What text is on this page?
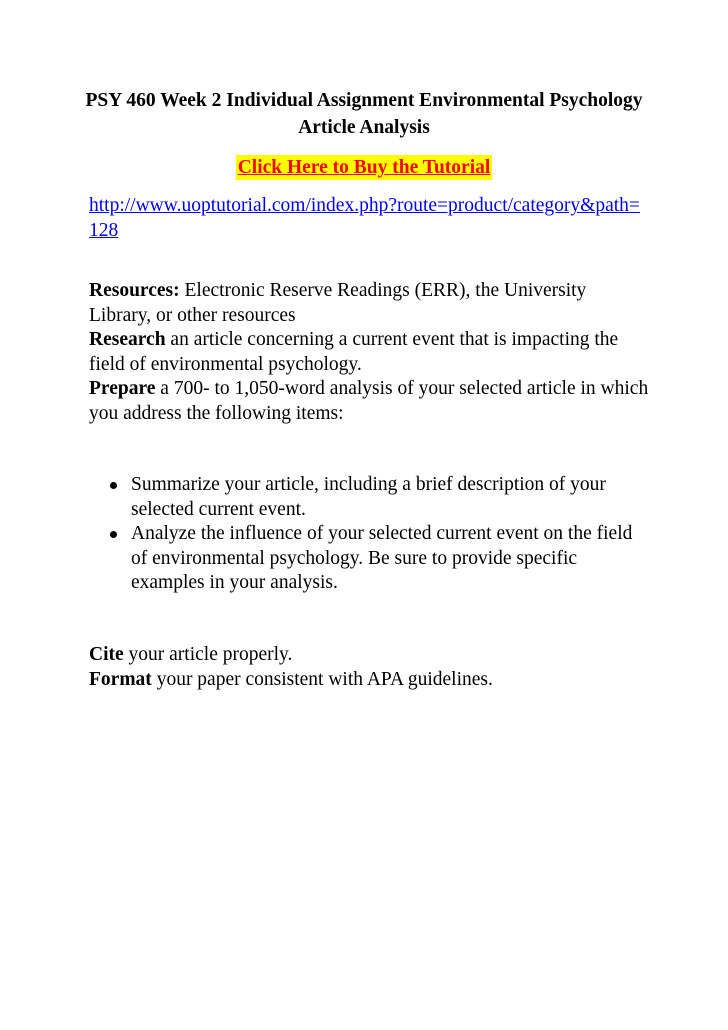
PSY 460 Week 2 Individual Assignment Environmental Psychology Article Analysis
Click Here to Buy the Tutorial
http://www.uoptutorial.com/index.php?route=product/category&path=128

Resources: Electronic Reserve Readings (ERR), the University Library, or other resources

Research an article concerning a current event that is impacting the field of environmental psychology.

Prepare a 700- to 1,050-word analysis of your selected article in which you address the following items:

Summarize your article, including a brief description of your selected current event.
Analyze the influence of your selected current event on the field of environmental psychology. Be sure to provide specific examples in your analysis.

Cite your article properly.

Format your paper consistent with APA guidelines.
